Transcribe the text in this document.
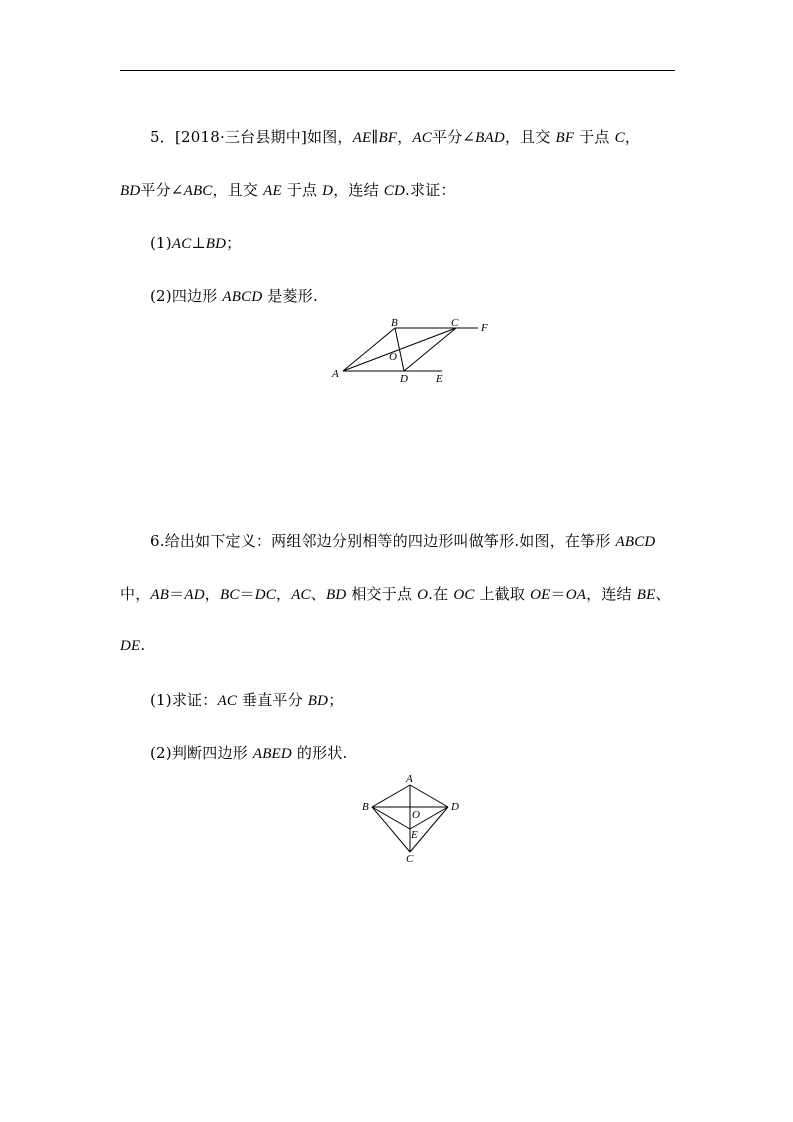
5．[2018·三台县期中]如图，AE∥BF，AC平分∠BAD，且交 BF 于点 C，
BD平分∠ABC，且交 AE 于点 D，连结 CD.求证：
(1)AC⊥BD；
(2)四边形 ABCD 是菱形.
B	C F
O
A	D	E
6.给出如下定义：两组邻边分别相等的四边形叫做筝形.如图，在筝形 ABCD
中，AB＝AD，BC＝DC，AC、BD 相交于点 O.在 OC 上截取 OE＝OA，连结 BE、
DE.
(1)求证：AC 垂直平分 BD；
(2)判断四边形 ABED 的形状.
A
B	D
O
E
C
